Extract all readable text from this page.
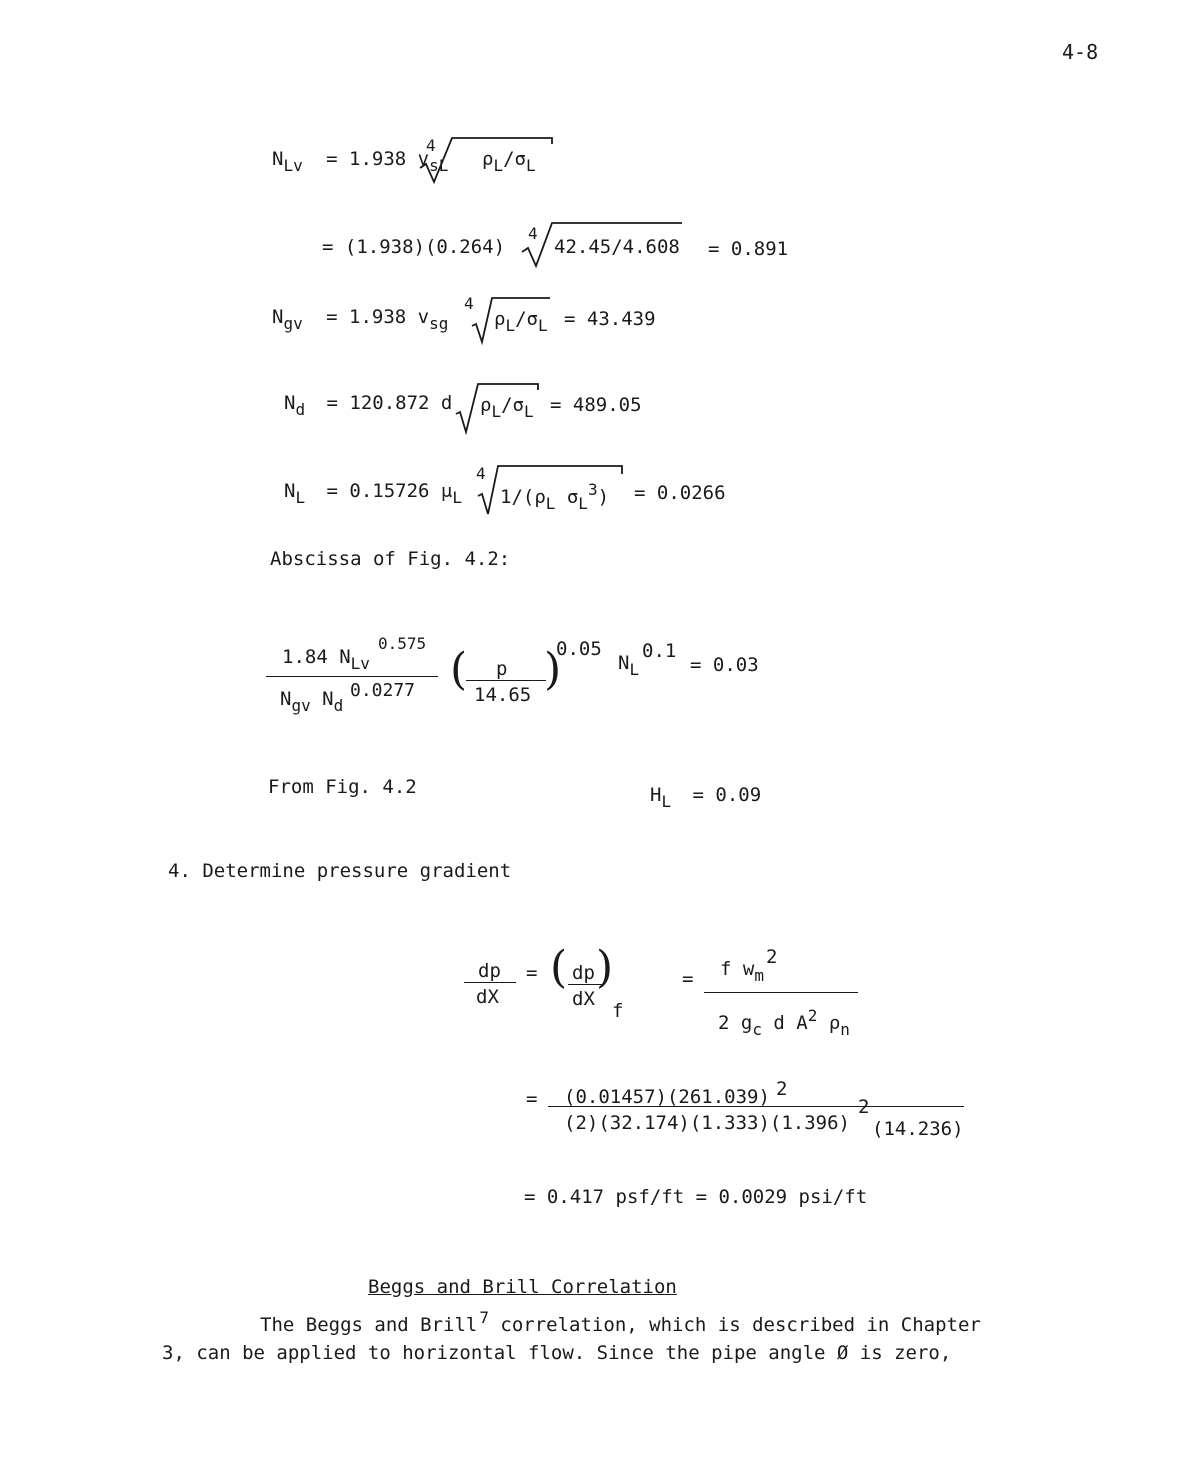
4-8
$N_{Lv} = 1.938$ $v_{sL}$
4
$\rho_L/\sigma_L$
= (1.938)(0.264)
4
42.45/4.608 = 0.891
$N_{gv} = 1.938$ $v_{sg}$
4
$\rho_L/\sigma_L = 43.439$
$N_d = 120.872$ d $\rho_L/\sigma_L = 489.05$
$N_L = 0.15726$ $\mu_L$
4
$1/(\rho_L$ $\sigma_L^3) = 0.0266$
Abscissa of Fig. 4.2:
0.575
1.84 $N_{Lv}$
$N_{gv}$ $N_d$
0.0277 ( p
14.65 )
0.05
$N_L$
0.1
= 0.03
From Fig. 4.2	$H_L = 0.09$
4. Determine pressure gradient
dp
dX
= ( dp
dX
)
f
= f $w_m$
2
2 $g_c$ d $A^2$ $\rho_n$
= (0.01457)(261.039) 2
(2)(32.174)(1.333)(1.396)
2
(14.236)
= 0.417 psf/ft = 0.0029 psi/ft
Beggs and Brill Correlation
The Beggs and Brill $^7$ correlation, which is described in Chapter
3, can be applied to horizontal flow. Since the pipe angle Ø is zero,
